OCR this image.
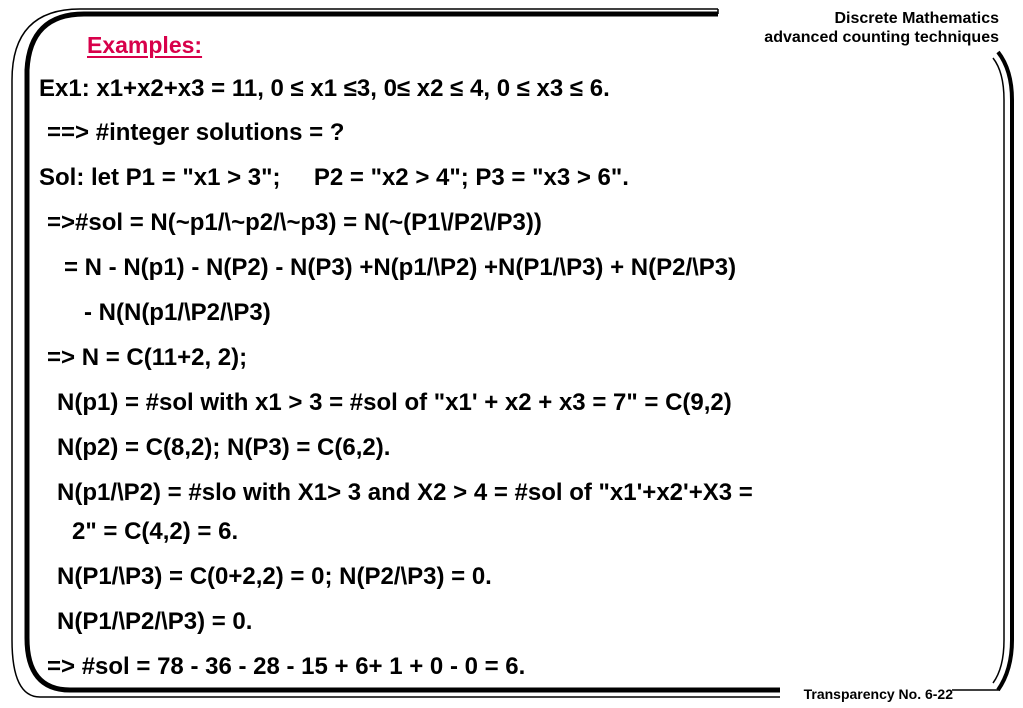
Discrete Mathematics
advanced counting techniques
Examples:
Ex1: x1+x2+x3 = 11, 0 ≤ x1 ≤3, 0≤ x2 ≤ 4, 0 ≤ x3 ≤ 6.
==> #integer solutions = ?
Sol: let P1 = "x1 > 3";     P2 = "x2 > 4"; P3 = "x3 > 6".
=>#sol = N(~p1/\~p2/\~p3) = N(~(P1\/P2\/P3))
= N - N(p1) - N(P2) - N(P3) +N(p1/\P2) +N(P1/\P3) + N(P2/\P3)
- N(N(p1/\P2/\P3)
=> N = C(11+2, 2);
N(p1) = #sol with x1 > 3 = #sol of "x1' + x2 + x3 = 7" = C(9,2)
N(p2) = C(8,2); N(P3) = C(6,2).
N(p1/\P2) = #slo with X1> 3 and X2 > 4 = #sol of "x1'+x2'+X3 =
2" = C(4,2) = 6.
N(P1/\P3) = C(0+2,2) = 0; N(P2/\P3) = 0.
N(P1/\P2/\P3) = 0.
=> #sol = 78 - 36 - 28 - 15 + 6+ 1 + 0 - 0 = 6.
Transparency No. 6-22
